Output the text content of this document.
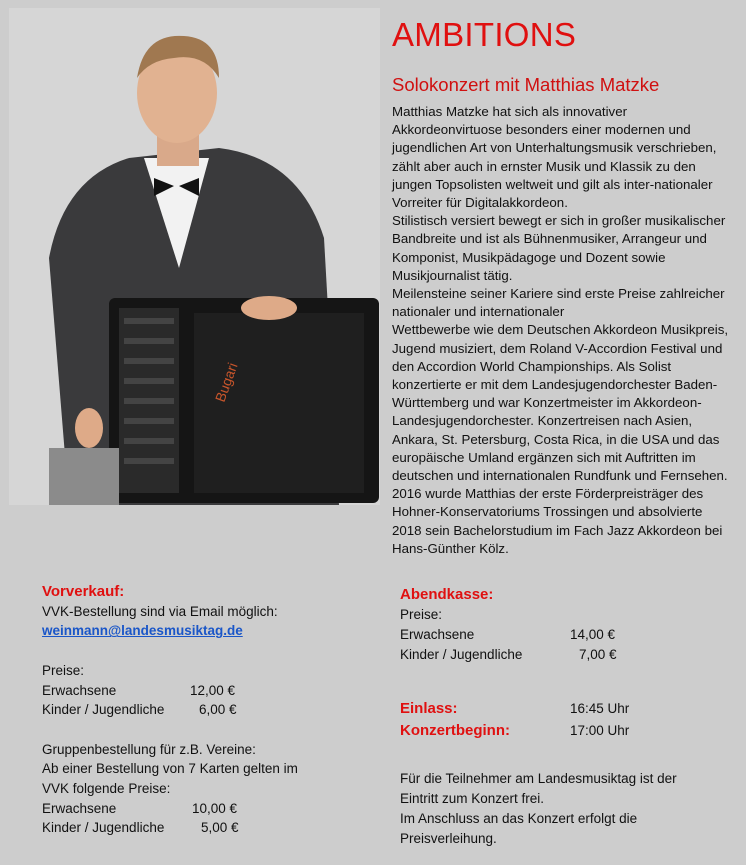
Bugari
AMBITIONS
Solokonzert mit Matthias Matzke
Matthias Matzke hat sich als innovativer
Akkordeonvirtuose besonders einer modernen und
jugendlichen Art von Unterhaltungsmusik verschrieben,
zählt aber auch in ernster Musik und Klassik zu den
jungen Topsolisten weltweit und gilt als inter-nationaler
Vorreiter für Digitalakkordeon.
Stilistisch versiert bewegt er sich in großer musikalischer
Bandbreite und ist als Bühnenmusiker, Arrangeur und
Komponist, Musikpädagoge und Dozent sowie
Musikjournalist tätig.
Meilensteine seiner Kariere sind erste Preise zahlreicher
nationaler und internationaler
Wettbewerbe wie dem Deutschen Akkordeon Musikpreis,
Jugend musiziert, dem Roland V-Accordion Festival und
den Accordion World Championships. Als Solist
konzertierte er mit dem Landesjugendorchester Baden-
Württemberg und war Konzertmeister im Akkordeon-
Landesjugendorchester. Konzertreisen nach Asien,
Ankara, St. Petersburg, Costa Rica, in die USA und das
europäische Umland ergänzen sich mit Auftritten im
deutschen und internationalen Rundfunk und Fernsehen.
2016 wurde Matthias der erste Förderpreisträger des
Hohner-Konservatoriums Trossingen und absolvierte
2018 sein Bachelorstudium im Fach Jazz Akkordeon bei
Hans-Günther Kölz.
Vorverkauf:
VVK-Bestellung sind via Email möglich:
weinmann@landesmusiktag.de
Preise:
Erwachsene	12,00 €
Kinder / Jugendliche	6,00 €
Gruppenbestellung für z.B. Vereine:
Ab einer Bestellung von 7 Karten gelten im
VVK folgende Preise:
Erwachsene	10,00 €
Kinder / Jugendliche	5,00 €
Abendkasse:
Preise:
Erwachsene	14,00 €
Kinder / Jugendliche	7,00 €
Einlass:	16:45 Uhr
Konzertbeginn:	17:00 Uhr
Für die Teilnehmer am Landesmusiktag ist der
Eintritt zum Konzert frei.
Im Anschluss an das Konzert erfolgt die
Preisverleihung.
